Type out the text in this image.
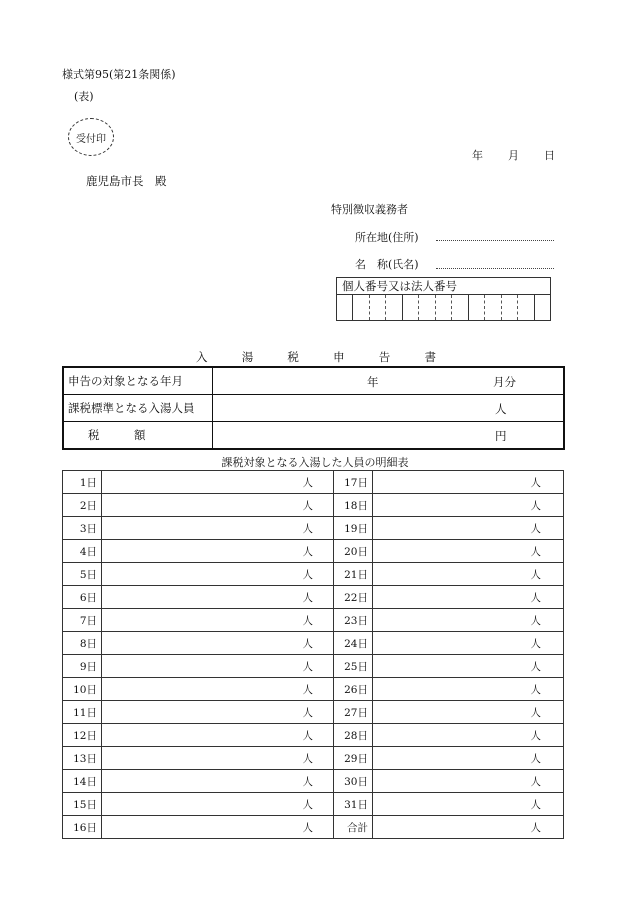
様式第95(第21条関係)
(表)
受付印
年 月 日
鹿児島市長　殿
特別徴収義務者
所在地(住所)
名　称(氏名)
個人番号又は法人番号
入	湯	税	申	告	書
申告の対象となる年月	年 月分

課税標準となる入湯人員	人

税　　　額	円
課税対象となる入湯した人員の明細表
1日	人	17日	人
2日	人	18日	人
3日	人	19日	人
4日	人	20日	人
5日	人	21日	人
6日	人	22日	人
7日	人	23日	人
8日	人	24日	人
9日	人	25日	人
10日	人	26日	人
11日	人	27日	人
12日	人	28日	人
13日	人	29日	人
14日	人	30日	人
15日	人	31日	人
16日	人	合計	人
